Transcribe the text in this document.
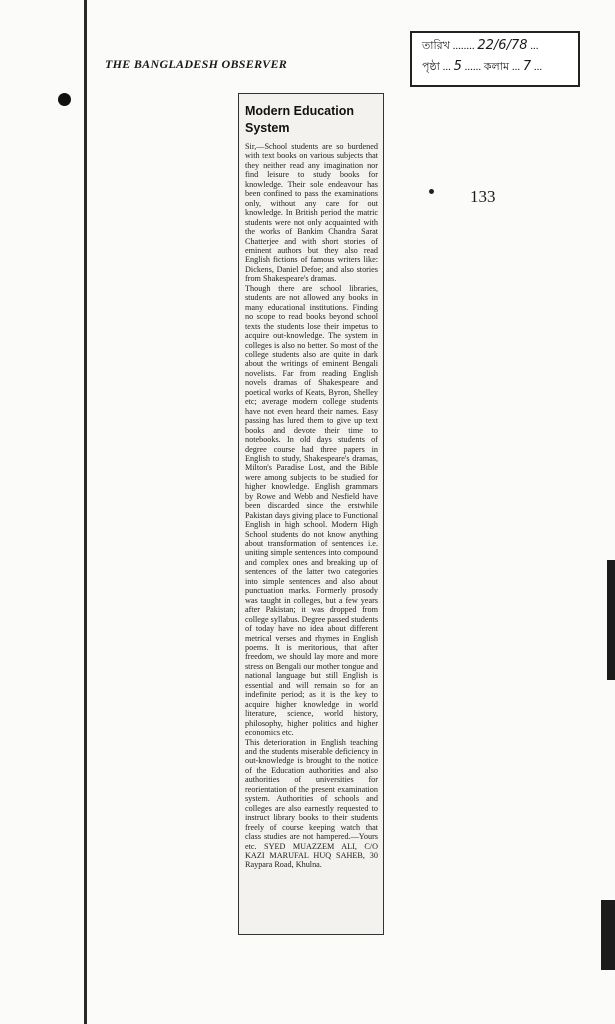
THE BANGLADESH OBSERVER
তারিখ ........ 22/6/78 ...
পৃষ্ঠা ... 5 ...... কলাম ... 7 ...
133
Modern Education System
Sir,—School students are so burdened with text books on various subjects that they neither read any imagination nor find leisure to study books for knowledge. Their sole endeavour has been confined to pass the examinations only, without any care for out knowledge. In British period the matric students were not only acquainted with the works of Bankim Chandra Sarat Chatterjee and with short stories of eminent authors but they also read English fictions of famous writers like: Dickens, Daniel Defoe; and also stories from Shakespeare's dramas.
Though there are school libraries, students are not allowed any books in many educational institutions. Finding no scope to read books beyond school texts the students lose their impetus to acquire out-knowledge. The system in colleges is also no better. So most of the college students also are quite in dark about the writings of eminent Bengali novelists. Far from reading English novels dramas of Shakespeare and poetical works of Keats, Byron, Shelley etc; average modern college students have not even heard their names. Easy passing has lured them to give up text books and devote their time to notebooks. In old days students of degree course had three papers in English to study, Shakespeare's dramas, Milton's Paradise Lost, and the Bible were among subjects to be studied for higher knowledge. English grammars by Rowe and Webb and Nesfield have been discarded since the erstwhile Pakistan days giving place to Functional English in high school. Modern High School students do not know anything about transformation of sentences i.e. uniting simple sentences into compound and complex ones and breaking up of sentences of the latter two categories into simple sentences and also about punctuation marks. Formerly prosody was taught in colleges, but a few years after Pakistan; it was dropped from college syllabus. Degree passed students of today have no idea about different metrical verses and rhymes in English poems. It is meritorious, that after freedom, we should lay more and more stress on Bengali our mother tongue and national language but still English is essential and will remain so for an indefinite period; as it is the key to acquire higher knowledge in world literature, science, world history, philosophy, higher politics and higher economics etc.
This deterioration in English teaching and the students miserable deficiency in out-knowledge is brought to the notice of the Education authorities and also authorities of universities for reorientation of the present examination system. Authorities of schools and colleges are also earnestly requested to instruct library books to their students freely of course keeping watch that class studies are not hampered.—Yours etc. SYED MUAZZEM ALI, C/O KAZI MARUFAL HUQ SAHEB, 30 Raypara Road, Khulna.
